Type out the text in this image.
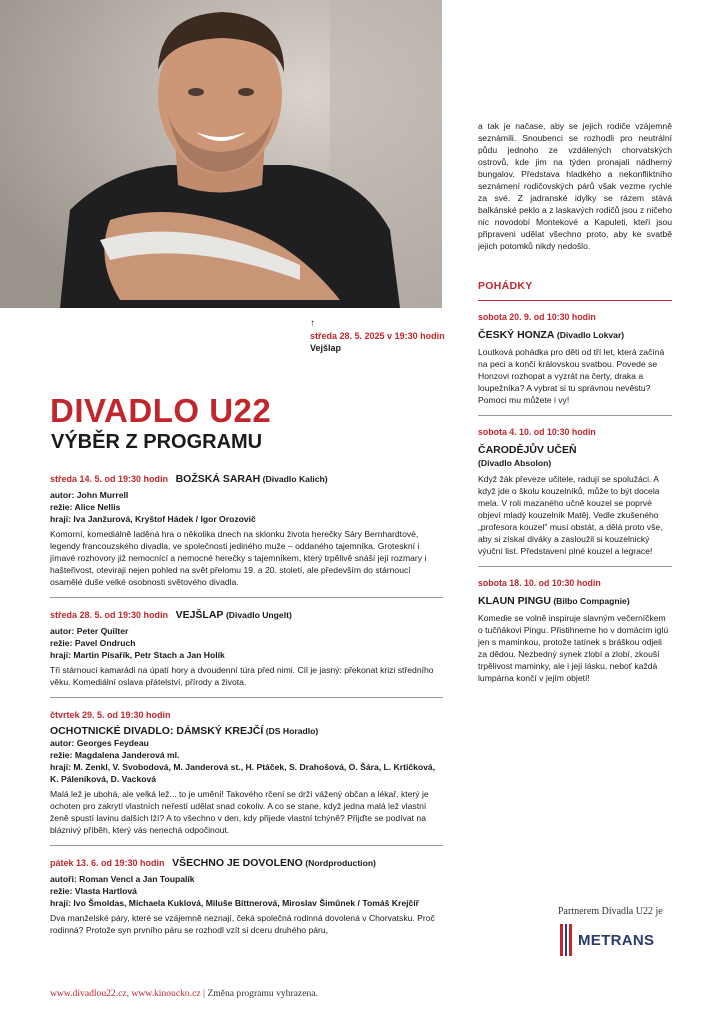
↑
středa 28. 5. 2025 v 19:30 hodin
Vejšlap
DIVADLO U22
VÝBĚR Z PROGRAMU
středa 14. 5. od 19:30 hodin BOŽSKÁ SARAH (Divadlo Kalich)
autor: John Murrell
režie: Alice Nellis
hrají: Iva Janžurová, Kryštof Hádek / Igor Orozovič
Komorní, komediálně laděná hra o několika dnech na sklonku života herečky Sáry Bernhardtové, legendy francouzského divadla, ve společnosti jediného muže – oddaného tajemníka. Groteskní i jímavé rozhovory již nemocnící a nemocné herečky s tajemníkem, který trpělivě snáší její rozmary i hašteřivost, oteviraji nejen pohled na svět přelomu 19. a 20. století, ale především do stárnoucí osamělé duše velké osobnosti světového divadla.
středa 28. 5. od 19:30 hodin VEJŠLAP (Divadlo Ungelt)
autor: Peter Quilter
režie: Pavel Ondruch
hrají: Martin Písařík, Petr Stach a Jan Holík
Tři stárnoucí kamarádi na úpatí hory a dvoudenní túra před nimi. Cíl je jasný: překonat krizi středního věku. Komediální oslava přátelství, přírody a života.
čtvrtek 29. 5. od 19:30 hodin
OCHOTNICKÉ DIVADLO: DÁMSKÝ KREJČÍ (DS Horadlo)
autor: Georges Feydeau
režie: Magdalena Janderová ml.
hrají: M. Zenkl, V. Svobodová, M. Janderová st., H. Ptáček, S. Drahošová, O. Šára, L. Krtičková, K. Páleníková, D. Vacková
Malá lež je ubohá, ale velká lež... to je umění! Takového rčení se drží vážený občan a lékař, který je ochoten pro zakrytí vlastních neřestí udělat snad cokoliv. A co se stane, když jedna malá lež vlastní ženě spustí lavinu dalších lží? A to všechno v den, kdy přijede vlastní tchýně? Přijďte se podívat na bláznivý příběh, který vás nenechá odpočinout.
pátek 13. 6. od 19:30 hodin VŠECHNO JE DOVOLENO (Nordproduction)
autoři: Roman Vencl a Jan Toupalík
režie: Vlasta Hartlová
hrají: Ivo Šmoldas, Michaela Kuklová, Miluše Bittnerová, Miroslav Šimůnek / Tomáš Krejčíř
Dva manželské páry, které se vzájemně neznají, čeká společná rodinná dovolená v Chorvatsku. Proč rodinná? Protože syn prvního páru se rozhodl vzít si dceru druhého páru,
a tak je načase, aby se jejich rodiče vzájemně seznámili. Snoubenci se rozhodli pro neutrální půdu jednoho ze vzdálených chorvatských ostrovů, kde jim na týden pronajali nádherný bungalov. Představa hladkého a nekonfliktního seznámení rodičovských párů však vezme rychle za své. Z jadranské idylky se rázem stává balkánské peklo a z laskavých rodičů jsou z ničeho nic novodobí Montekové a Kapuleti, kteří jsou připraveni udělat všechno proto, aby ke svatbě jejich potomků nikdy nedošlo.
POHÁDKY
sobota 20. 9. od 10:30 hodin
ČESKÝ HONZA (Divadlo Lokvar)
Loutková pohádka pro děti od tří let, která začíná na peci a končí královskou svatbou. Povede se Honzovi rozhopat a vyzrát na čerty, draka a loupežníka? A vybrat si tu správnou nevěstu? Pomoci mu můžete i vy!
sobota 4. 10. od 10:30 hodin
ČARODĚJŮV UČEŇ
(Divadlo Absolon)
Když žák převeze učitele, radují se spolužáci. A když jde o školu kouzelníků, může to být docela mela. V roli mazaného učně kouzel se poprvé objeví mladý kouzelník Matěj. Vedle zkušeného „profesora kouzel" musí obstát, a dělá proto vše, aby si získal diváky a zasloužil si kouzelnický výuční list. Představení plné kouzel a legrace!
sobota 18. 10. od 10:30 hodin
KLAUN PINGU (Bilbo Compagnie)
Komedie se volně inspiruje slavným večerníčkem o tučňákovi Pingu. Přistihneme ho v domácím iglú jen s maminkou, protože tatínek s bráškou odjeli za dědou. Nezbedný synek zlobí a zlobí, zkouší trpělivost maminky, ale i její lásku, neboť každá lumpárna končí v jejím objetí!
Partnerem Divadla U22 je
METRANS
www.divadlou22.cz, www.kinoucko.cz | Změna programu vyhrazena.
